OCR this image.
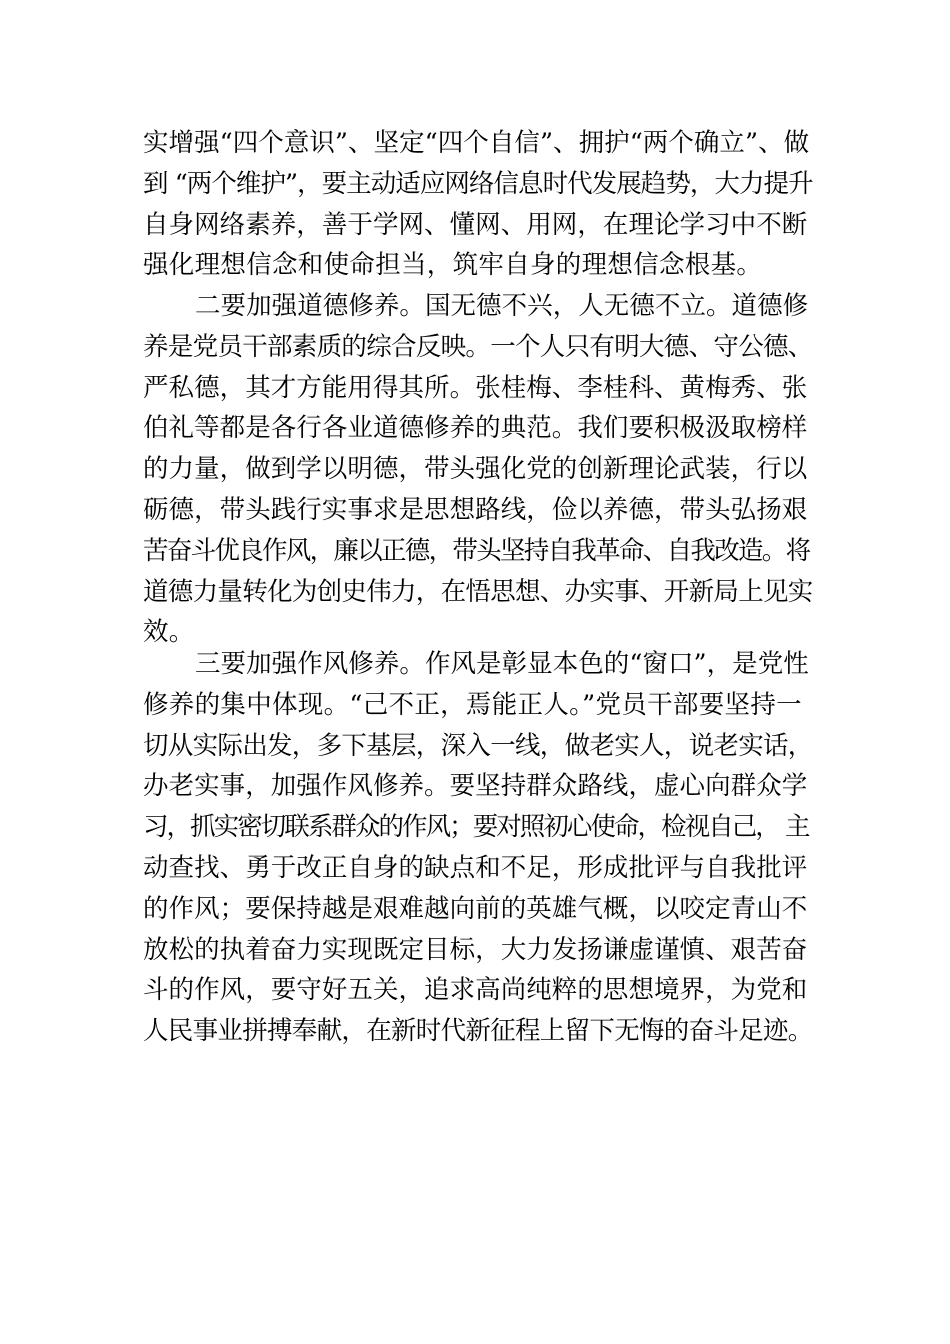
实增强“四个意识”、坚定“四个自信”、拥护“两个确立”、做
到 “两个维护”，要主动适应网络信息时代发展趋势，大力提升
自身网络素养，善于学网、懂网、用网，在理论学习中不断
强化理想信念和使命担当，筑牢自身的理想信念根基。
二要加强道德修养。国无德不兴，人无德不立。道德修
养是党员干部素质的综合反映。一个人只有明大德、守公德、
严私德，其才方能用得其所。张桂梅、李桂科、黄梅秀、张
伯礼等都是各行各业道德修养的典范。我们要积极汲取榜样
的力量，做到学以明德，带头强化党的创新理论武装，行以
砺德，带头践行实事求是思想路线，俭以养德，带头弘扬艰
苦奋斗优良作风，廉以正德，带头坚持自我革命、自我改造。将
道德力量转化为创史伟力，在悟思想、办实事、开新局上见实
效。
三要加强作风修养。作风是彰显本色的“窗口”，是党性
修养的集中体现。“己不正，焉能正人。”党员干部要坚持一
切从实际出发，多下基层，深入一线，做老实人，说老实话，
办老实事，加强作风修养。要坚持群众路线，虚心向群众学
习，抓实密切联系群众的作风；要对照初心使命，检视自己， 主
动查找、勇于改正自身的缺点和不足，形成批评与自我批评
的作风；要保持越是艰难越向前的英雄气概，以咬定青山不
放松的执着奋力实现既定目标，大力发扬谦虚谨慎、艰苦奋
斗的作风，要守好五关，追求高尚纯粹的思想境界，为党和
人民事业拼搏奉献，在新时代新征程上留下无悔的奋斗足迹。
